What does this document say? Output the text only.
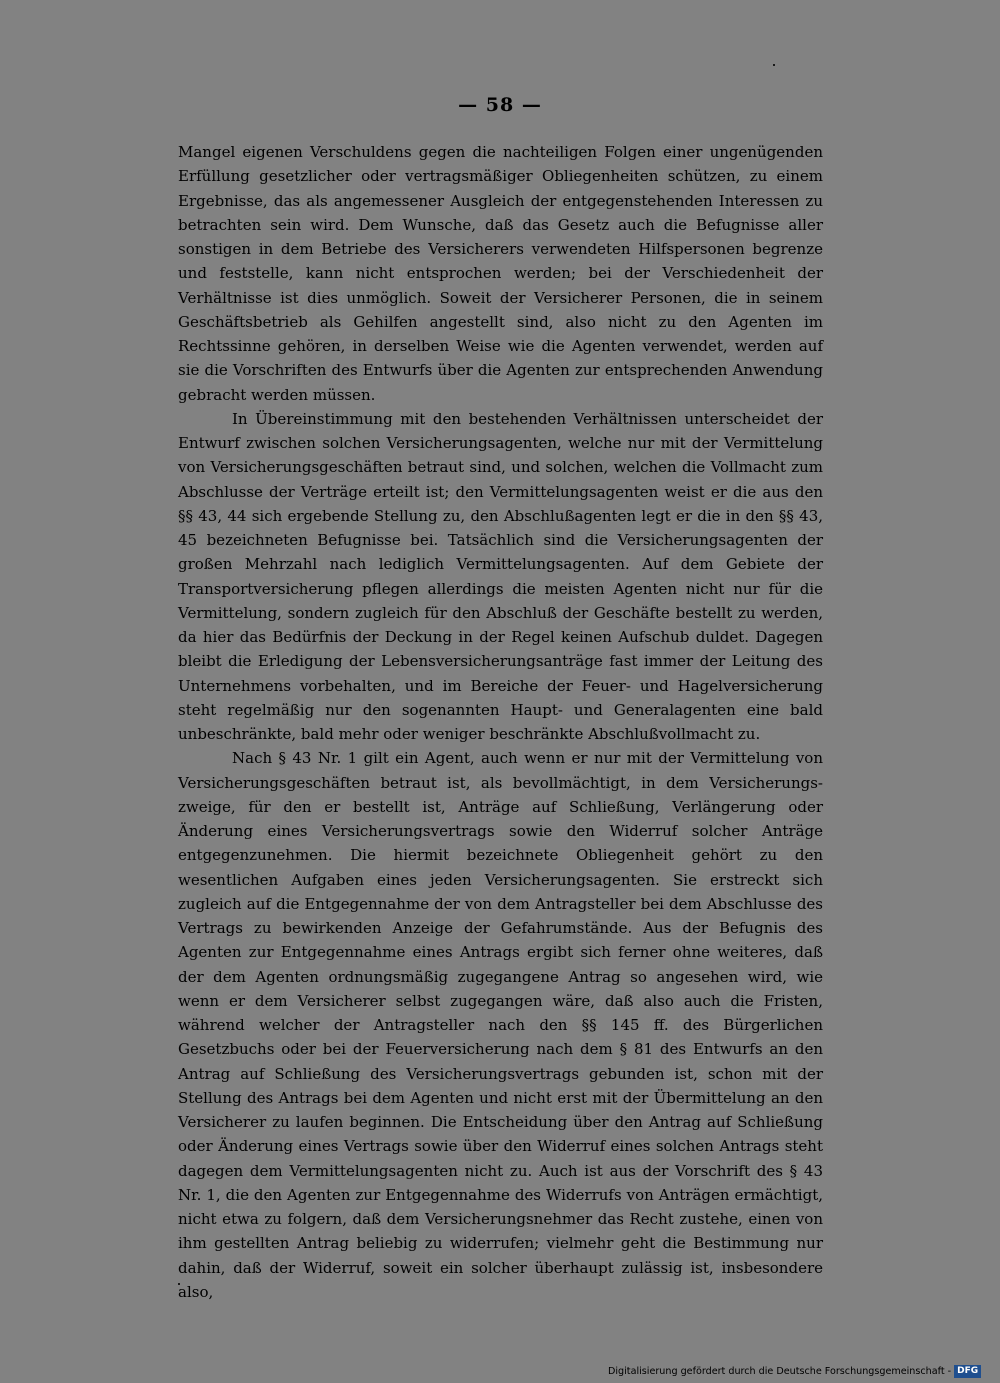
— 58 —

Mangel eigenen Verschuldens gegen die nachteiligen Folgen einer ungenügenden Erfüllung gesetzlicher oder vertragsmäßiger Obliegenheiten schützen, zu einem Ergebnisse, das als angemessener Ausgleich der entgegenstehenden Interessen zu betrachten sein wird. Dem Wunsche, daß das Gesetz auch die Befugnisse aller sonstigen in dem Betriebe des Versicherers verwendeten Hilfspersonen begrenze und feststelle, kann nicht entsprochen werden; bei der Verschiedenheit der Verhältnisse ist dies unmöglich. Soweit der Versicherer Personen, die in seinem Geschäftsbetrieb als Gehilfen angestellt sind, also nicht zu den Agenten im Rechtssinne gehören, in derselben Weise wie die Agenten verwendet, werden auf sie die Vorschriften des Entwurfs über die Agenten zur entsprechenden Anwendung gebracht werden müssen.

In Übereinstimmung mit den bestehenden Verhältnissen unterscheidet der Entwurf zwischen solchen Versicherungsagenten, welche nur mit der Vermittelung von Versicherungsgeschäften betraut sind, und solchen, welchen die Vollmacht zum Abschlusse der Verträge erteilt ist; den Vermittelungsagenten weist er die aus den §§ 43, 44 sich ergebende Stellung zu, den Abschlußagenten legt er die in den §§ 43, 45 bezeichneten Befugnisse bei. Tatsächlich sind die Versicherungsagenten der großen Mehrzahl nach lediglich Vermittelungsagenten. Auf dem Gebiete der Transportversicherung pflegen allerdings die meisten Agenten nicht nur für die Vermittelung, sondern zugleich für den Abschluß der Geschäfte bestellt zu werden, da hier das Bedürfnis der Deckung in der Regel keinen Aufschub duldet. Dagegen bleibt die Erledigung der Lebensversicherungsanträge fast immer der Leitung des Unternehmens vorbehalten, und im Bereiche der Feuer- und Hagelversicherung steht regelmäßig nur den sogenannten Haupt- und Generalagenten eine bald unbeschränkte, bald mehr oder weniger beschränkte Abschlußvollmacht zu.

Nach § 43 Nr. 1 gilt ein Agent, auch wenn er nur mit der Vermittelung von Versicherungsgeschäften betraut ist, als bevollmächtigt, in dem Versicherungszweige, für den er bestellt ist, Anträge auf Schließung, Verlängerung oder Änderung eines Versicherungsvertrags sowie den Widerruf solcher Anträge entgegenzunehmen. Die hiermit bezeichnete Obliegenheit gehört zu den wesentlichen Aufgaben eines jeden Versicherungsagenten. Sie erstreckt sich zugleich auf die Entgegennahme der von dem Antragsteller bei dem Abschlusse des Vertrags zu bewirkenden Anzeige der Gefahrumstände. Aus der Befugnis des Agenten zur Entgegennahme eines Antrags ergibt sich ferner ohne weiteres, daß der dem Agenten ordnungsmäßig zugegangene Antrag so angesehen wird, wie wenn er dem Versicherer selbst zugegangen wäre, daß also auch die Fristen, während welcher der Antragsteller nach den §§ 145 ff. des Bürgerlichen Gesetzbuchs oder bei der Feuerversicherung nach dem § 81 des Entwurfs an den Antrag auf Schließung des Versicherungsvertrags gebunden ist, schon mit der Stellung des Antrags bei dem Agenten und nicht erst mit der Übermittelung an den Versicherer zu laufen beginnen. Die Entscheidung über den Antrag auf Schließung oder Änderung eines Vertrags sowie über den Widerruf eines solchen Antrags steht dagegen dem Vermittelungsagenten nicht zu. Auch ist aus der Vorschrift des § 43 Nr. 1, die den Agenten zur Entgegennahme des Widerrufs von Anträgen ermächtigt, nicht etwa zu folgern, daß dem Versicherungsnehmer das Recht zustehe, einen von ihm gestellten Antrag beliebig zu widerrufen; vielmehr geht die Bestimmung nur dahin, daß der Widerruf, soweit ein solcher überhaupt zulässig ist, insbesondere also,

Digitalisierung gefördert durch die Deutsche Forschungsgemeinschaft - DFG
